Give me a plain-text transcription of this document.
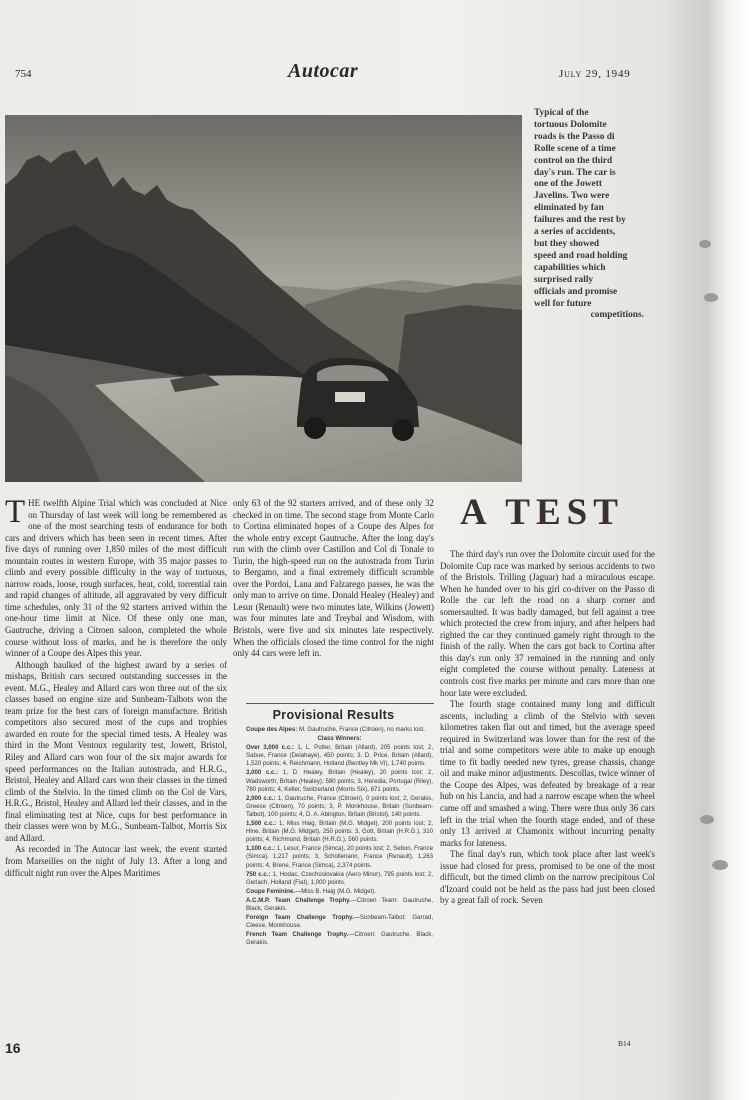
754	Autocar	July 29, 1949
Typical of the
tortuous Dolomite
roads is the Passo di
Rolle scene of a time
control on the third
day's run. The car is
one of the Jowett
Javelins. Two were
eliminated by fan
failures and the rest by
a series of accidents,
but they showed
speed and road holding
capabilities which
surprised rally
officials and promise
well for future
competitions.
A TEST

THE twelfth Alpine Trial which was concluded at Nice on Thursday of last week will long be remembered as one of the most searching tests of endurance for both cars and drivers which has been seen in recent times. After five days of running over 1,850 miles of the most difficult mountain routes in western Europe, with 35 major passes to climb and every possible difficulty in the way of tortuous, narrow roads, loose, rough surfaces, heat, cold, torrential rain and rapid changes of altitude, all aggravated by very difficult time schedules, only 31 of the 92 starters arrived within the one-hour time limit at Nice. Of these only one man, Gautruche, driving a Citroen saloon, completed the whole course without loss of marks, and he is therefore the only winner of a Coupe des Alpes this year.

Although baulked of the highest award by a series of mishaps, British cars secured outstanding successes in the event. M.G., Healey and Allard cars won three out of the six classes based on engine size and Sunbeam-Talbots won the team prize for the best cars of foreign manufacture. British competitors also secured most of the cups and trophies awarded en route for the special timed tests. A Healey was third in the Mont Ventoux regularity test, Jowett, Bristol, Riley and Allard cars won four of the six major awards for speed performances on the Italian autostrada, and H.R.G., Bristol, Healey and Allard cars won their classes in the timed climb of the Stelvio. In the timed climb on the Col de Vars, H.R.G., Bristol, Healey and Allard led their classes, and in the final eliminating test at Nice, cups for best performance in their classes were won by M.G., Sunbeam-Talbot, Morris Six and Allard.

As recorded in The Autocar last week, the event started from Marseilles on the night of July 13. After a long and difficult night run over the Alpes Maritimes

only 63 of the 92 starters arrived, and of these only 32 checked in on time. The second stage from Monte Carlo to Cortina eliminated hopes of a Coupe des Alpes for the whole entry except Gautruche. After the long day's run with the climb over Castillon and Col di Tonale to Turin, the high-speed run on the autostrada from Turin to Bergamo, and a final extremely difficult scramble over the Pordoi, Lana and Falzarego passes, he was the only man to arrive on time. Donald Healey (Healey) and Lesur (Renault) were two minutes late, Wilkins (Jowett) was four minutes late and Treybal and Wisdom, with Bristols, were five and six minutes late respectively. When the officials closed the time control for the night only 44 cars were left in.

Provisional Results

Coupe des Alpes: M. Gautruche, France (Citroen), no marks lost.

Class Winners:

Over 3,000 c.c.: 1, L. Potter, Britain (Allard), 205 points lost; 2, Sabue, France (Delahaye), 450 points; 3, D. Price, Britain (Allard), 1,520 points; 4, Reichmann, Holland (Bentley Mk VI), 1,740 points.

3,000 c.c.: 1, D. Healey, Britain (Healey), 20 points lost; 2, Wadsworth, Britain (Healey), 580 points; 3, Heredia, Portugal (Riley), 780 points; 4, Keller, Switzerland (Morris Six), 871 points.

2,000 c.c.: 1, Gautruche, France (Citroen), 0 points lost; 2, Gerakis, Greece (Citroen), 70 points; 3, P. Monkhouse, Britain (Sunbeam-Talbot), 100 points; 4, D. A. Abington, Britain (Bristol), 140 points.

1,500 c.c.: 1, Miss Haig, Britain (M.G. Midget), 200 points lost; 2, Hine, Britain (M.G. Midget), 250 points; 3, Gott, Britain (H.R.G.), 310 points; 4, Richmond, Britain (H.R.G.), 560 points.

1,100 c.c.: 1, Lesur, France (Simca), 20 points lost; 2, Sebon, France (Simca), 1,217 points; 3, Schollenann, France (Renault), 1,263 points; 4, Brene, France (Simca), 2,374 points.

750 c.c.: 1, Hodac, Czechoslovakia (Aero Minor), 795 points lost; 2, Gerlach, Holland (Fiat), 1,000 points.

Coupe Feminine.—Miss B. Haig (M.G. Midget).

A.C.M.P. Team Challenge Trophy.—Citroen Team: Gautruche, Black, Gerakis.

Foreign Team Challenge Trophy.—Sunbeam-Talbot: Garrad, Cleese, Monkhouse.

French Team Challenge Trophy.—Citroen: Gautruche, Black, Gerakis.

The third day's run over the Dolomite circuit used for the Dolomite Cup race was marked by serious accidents to two of the Bristols. Trilling (Jaguar) had a miraculous escape. When he handed over to his girl co-driver on the Passo di Rolle the car left the road on a sharp corner and somersaulted. It was badly damaged, but fell against a tree which protected the crew from injury, and after helpers had righted the car they continued gamely right through to the finish of the rally. When the cars got back to Cortina after this day's run only 37 remained in the running and only eight completed the course without penalty. Lateness at controls cost five marks per minute and cars more than one hour late were excluded.

The fourth stage contained many long and difficult ascents, including a climb of the Stelvio with seven kilometres taken flat out and timed, but the average speed required in Switzerland was lower than for the rest of the trial and some competitors were able to make up enough time to fit badly needed new tyres, grease chassis, change oil and make minor adjustments. Descollas, twice winner of the Coupe des Alpes, was defeated by breakage of a rear hub on his Lancia, and had a narrow escape when the wheel came off and smashed a wing. There were thus only 36 cars left in the trial when the fourth stage ended, and of these only 13 arrived at Chamonix without incurring penalty marks for lateness.

The final day's run, which took place after last week's issue had closed for press, promised to be one of the most difficult, but the timed climb on the narrow precipitous Col d'Izoard could not be held as the pass had just been closed by a great fall of rock. Seven

B14
16
